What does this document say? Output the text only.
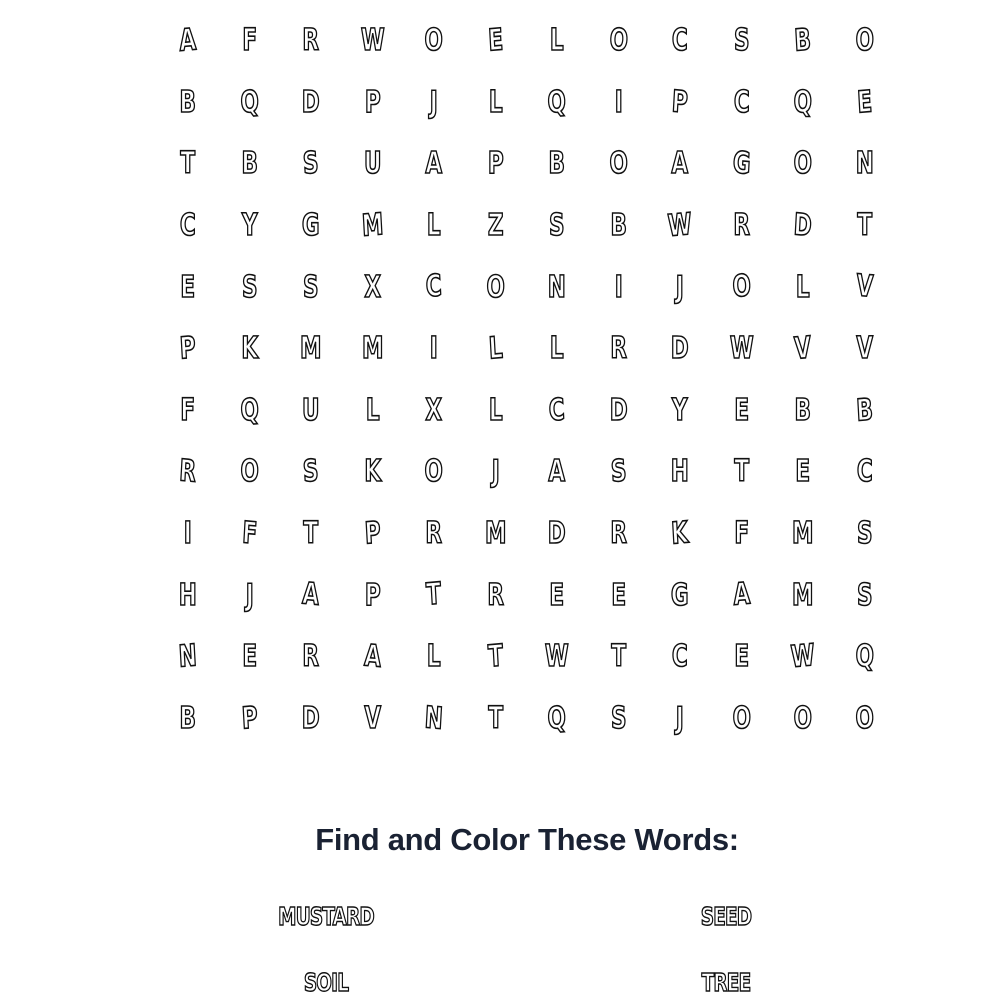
A	F	R	W	O	E	L	O	C	S	B	O
B	Q	D	P	J	L	Q	I	P	C	Q	E
T	B	S	U	A	P	B	O	A	G	O	N
C	Y	G	M	L	Z	S	B	W	R	D	T
E	S	S	X	C	O	N	I	J	O	L	V
P	K	M	M	I	L	L	R	D	W	V	V
F	Q	U	L	X	L	C	D	Y	E	B	B
R	O	S	K	O	J	A	S	H	T	E	C
I	F	T	P	R	M	D	R	K	F	M	S
H	J	A	P	T	R	E	E	G	A	M	S
N	E	R	A	L	T	W	T	C	E	W	Q
B	P	D	V	N	T	Q	S	J	O	O	O
Find and Color These Words:
MUSTARD	SEED
SOIL	TREE
